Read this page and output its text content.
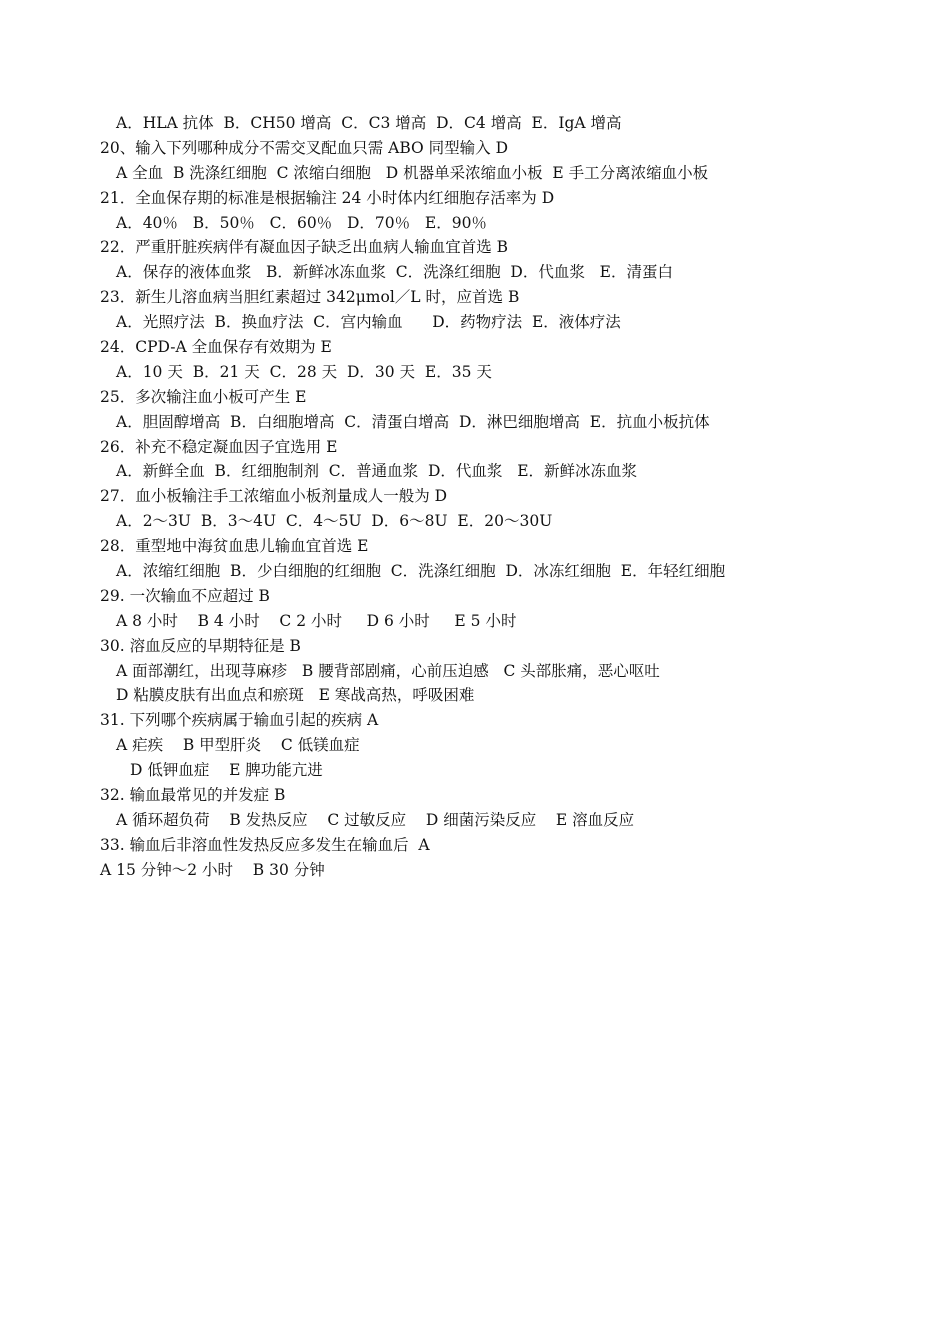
A．HLA 抗体  B．CH50 增高  C．C3 增高  D．C4 增高  E．IgA 增高
20、输入下列哪种成分不需交叉配血只需 ABO 同型输入 D
A 全血  B 洗涤红细胞  C 浓缩白细胞   D 机器单采浓缩血小板  E 手工分离浓缩血小板
21．全血保存期的标准是根据输注 24 小时体内红细胞存活率为 D
A．40％   B．50％   C．60％   D．70％   E．90％
22．严重肝脏疾病伴有凝血因子缺乏出血病人输血宜首选 B
A．保存的液体血浆   B．新鲜冰冻血浆  C．洗涤红细胞  D．代血浆   E．清蛋白
23．新生儿溶血病当胆红素超过 342μmol／L 时，应首选 B
A．光照疗法  B．换血疗法  C．宫内输血      D．药物疗法  E．液体疗法
24．CPD-A 全血保存有效期为 E
A．10 天  B．21 天  C．28 天  D．30 天  E．35 天
25．多次输注血小板可产生 E
A．胆固醇增高  B．白细胞增高  C．清蛋白增高  D．淋巴细胞增高  E．抗血小板抗体
26．补充不稳定凝血因子宜选用 E
A．新鲜全血  B．红细胞制剂  C．普通血浆  D．代血浆   E．新鲜冰冻血浆
27．血小板输注手工浓缩血小板剂量成人一般为 D
A．2～3U  B．3～4U  C．4～5U  D．6～8U  E．20～30U
28．重型地中海贫血患儿输血宜首选 E
A．浓缩红细胞  B．少白细胞的红细胞  C．洗涤红细胞  D．冰冻红细胞  E．年轻红细胞
29. 一次输血不应超过 B
A 8 小时    B 4 小时    C 2 小时     D 6 小时     E 5 小时
30. 溶血反应的早期特征是 B
A 面部潮红，出现荨麻疹   B 腰背部剧痛，心前压迫感   C 头部胀痛，恶心呕吐
D 粘膜皮肤有出血点和瘀斑   E 寒战高热，呼吸困难
31. 下列哪个疾病属于输血引起的疾病 A
A 疟疾    B 甲型肝炎    C 低镁血症
D 低钾血症    E 脾功能亢进
32. 输血最常见的并发症 B
A 循环超负荷    B 发热反应    C 过敏反应    D 细菌污染反应    E 溶血反应
33. 输血后非溶血性发热反应多发生在输血后  A
A 15 分钟～2 小时    B 30 分钟
